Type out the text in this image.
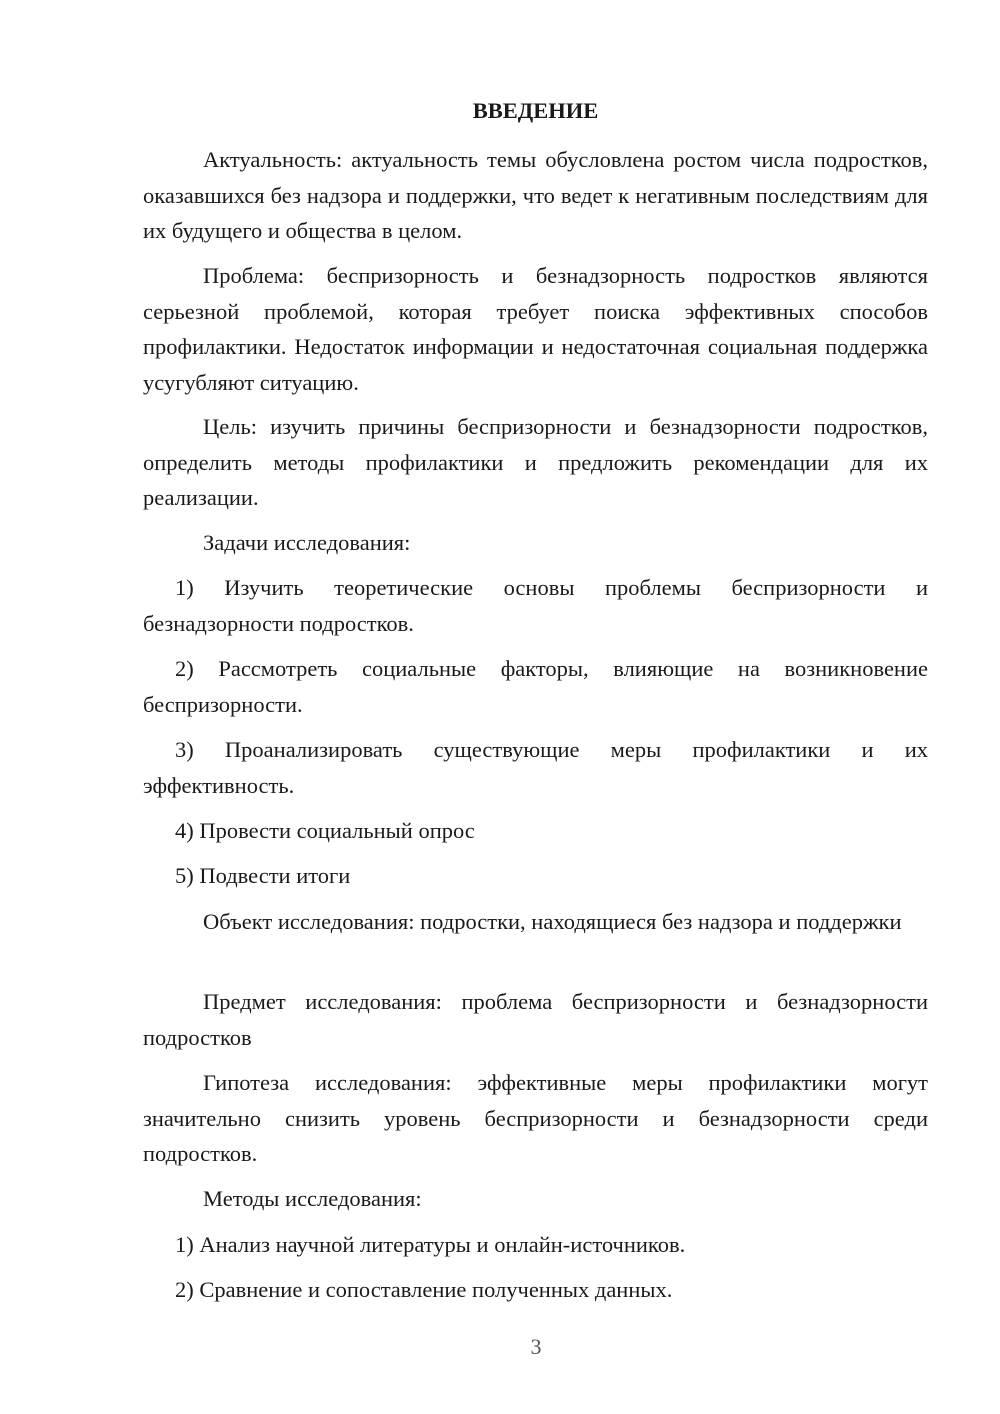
ВВЕДЕНИЕ

Актуальность: актуальность темы обусловлена ростом числа подростков, оказавшихся без надзора и поддержки, что ведет к негативным последствиям для их будущего и общества в целом.

Проблема: беспризорность и безнадзорность подростков являются серьезной проблемой, которая требует поиска эффективных способов профилактики. Недостаток информации и недостаточная социальная поддержка усугубляют ситуацию.

Цель: изучить причины беспризорности и безнадзорности подростков, определить методы профилактики и предложить рекомендации для их реализации.

Задачи исследования:

1) Изучить теоретические основы проблемы беспризорности и безнадзорности подростков.

2) Рассмотреть социальные факторы, влияющие на возникновение беспризорности.

3) Проанализировать существующие меры профилактики и их эффективность.

4) Провести социальный опрос

5) Подвести итоги

Объект исследования: подростки, находящиеся без надзора и поддержки

Предмет исследования: проблема беспризорности и безнадзорности подростков

Гипотеза исследования: эффективные меры профилактики могут значительно снизить уровень беспризорности и безнадзорности среди подростков.

Методы исследования:

1) Анализ научной литературы и онлайн-источников.

2) Сравнение и сопоставление полученных данных.

3
